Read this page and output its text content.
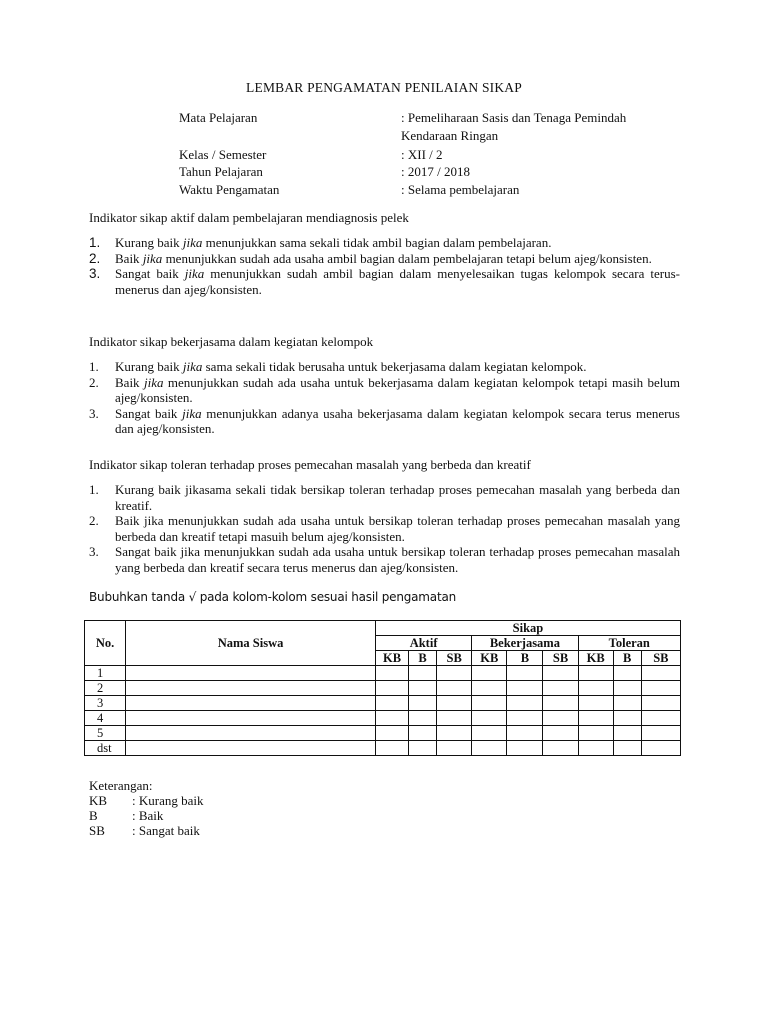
LEMBAR PENGAMATAN PENILAIAN SIKAP
Mata Pelajaran	: Pemeliharaan Sasis dan Tenaga Pemindah
Kendaraan Ringan
Kelas / Semester	: XII / 2
Tahun Pelajaran	: 2017 / 2018
Waktu Pengamatan	: Selama pembelajaran
Indikator sikap aktif dalam pembelajaran mendiagnosis pelek
1.	Kurang baik jika menunjukkan sama sekali tidak ambil bagian dalam pembelajaran.
2.	Baik jika menunjukkan sudah ada usaha ambil bagian dalam pembelajaran tetapi belum ajeg/konsisten.
3.	Sangat baik jika menunjukkan sudah ambil bagian dalam menyelesaikan tugas kelompok secara terus-menerus dan ajeg/konsisten.
Indikator sikap bekerjasama dalam kegiatan kelompok
1.	Kurang baik jika sama sekali tidak berusaha untuk bekerjasama dalam kegiatan kelompok.
2.	Baik jika menunjukkan sudah ada usaha untuk bekerjasama dalam kegiatan kelompok tetapi masih belum ajeg/konsisten.
3.	Sangat baik jika menunjukkan adanya usaha bekerjasama dalam kegiatan kelompok secara terus menerus dan ajeg/konsisten.
Indikator sikap toleran terhadap proses pemecahan masalah yang berbeda dan kreatif
1.	Kurang baik jikasama sekali tidak bersikap toleran terhadap proses pemecahan masalah yang berbeda dan kreatif.
2.	Baik jika menunjukkan sudah ada usaha untuk bersikap toleran terhadap proses pemecahan masalah yang berbeda dan kreatif tetapi masuih belum ajeg/konsisten.
3.	Sangat baik jika menunjukkan sudah ada usaha untuk bersikap toleran terhadap proses pemecahan masalah yang berbeda dan kreatif secara terus menerus dan ajeg/konsisten.
Bubuhkan tanda √ pada kolom-kolom sesuai hasil pengamatan
No.	Nama Siswa	Sikap								
		Aktif			Bekerjasama			Toleran		
		KB	B	SB	KB	B	SB	KB	B	SB
1										
2										
3										
4										
5										
dst										
Keterangan:
KB	: Kurang baik
B	: Baik
SB	: Sangat baik
